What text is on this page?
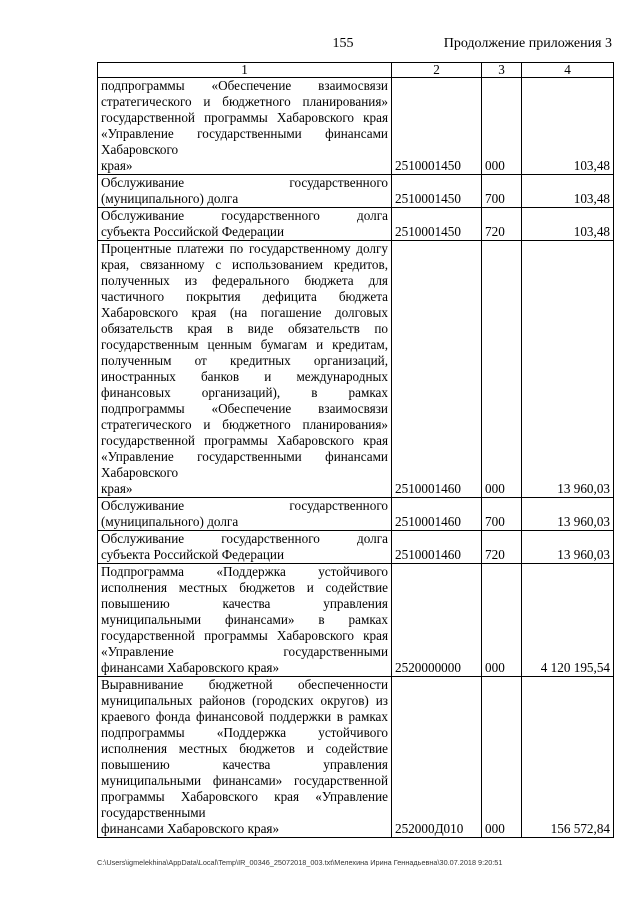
155	Продолжение приложения 3
1	2	3	4
подпрограммы «Обеспечение взаимосвязи стратегического и бюджетного планирования» государственной программы Хабаровского края «Управление государственными финансами Хабаровского
края»	2510001450	000	103,48
Обслуживание государственного
(муниципального) долга	2510001450	700	103,48
Обслуживание государственного долга
субъекта Российской Федерации	2510001450	720	103,48
Процентные платежи по государственному долгу края, связанному с использованием кредитов, полученных из федерального бюджета для частичного покрытия дефицита бюджета Хабаровского края (на погашение долговых обязательств края в виде обязательств по государственным ценным бумагам и кредитам, полученным от кредитных организаций, иностранных банков и международных финансовых организаций), в рамках подпрограммы «Обеспечение взаимосвязи стратегического и бюджетного планирования» государственной программы Хабаровского края «Управление государственными финансами Хабаровского
края»	2510001460	000	13 960,03
Обслуживание государственного
(муниципального) долга	2510001460	700	13 960,03
Обслуживание государственного долга
субъекта Российской Федерации	2510001460	720	13 960,03
Подпрограмма «Поддержка устойчивого исполнения местных бюджетов и содействие повышению качества управления муниципальными финансами» в рамках государственной программы Хабаровского края «Управление государственными
финансами Хабаровского края»	2520000000	000	4 120 195,54
Выравнивание бюджетной обеспеченности муниципальных районов (городских округов) из краевого фонда финансовой поддержки в рамках подпрограммы «Поддержка устойчивого исполнения местных бюджетов и содействие повышению качества управления муниципальными финансами» государственной программы Хабаровского края «Управление государственными
финансами Хабаровского края»	252000Д010	000	156 572,84
C:\Users\igmelekhina\AppData\Local\Temp\IR_00346_25072018_003.txt\Мелехина Ирина Геннадьевна\30.07.2018 9:20:51
